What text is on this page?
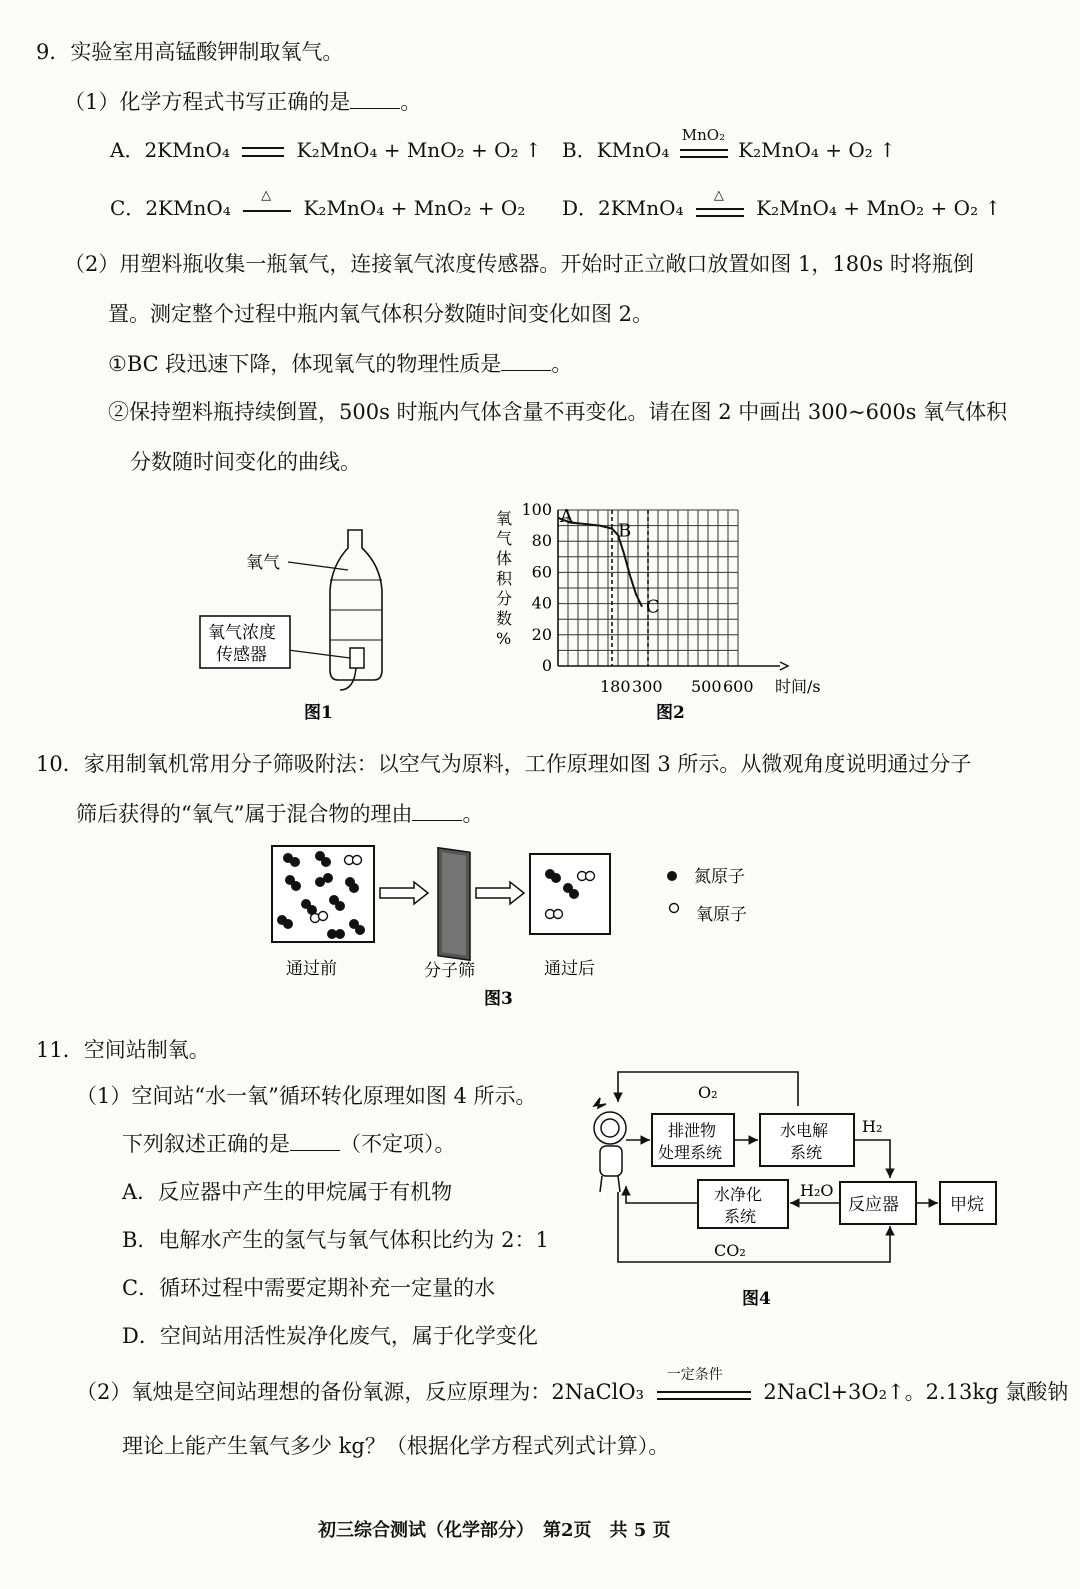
9．实验室用高锰酸钾制取氧气。
（1）化学方程式书写正确的是 。
A．2KMnO₄	K₂MnO₄ + MnO₂ + O₂ ↑ B．KMnO₄
MnO₂
K₂MnO₄ + O₂ ↑
C．2KMnO₄
△
K₂MnO₄ + MnO₂ + O₂ D．2KMnO₄
△
K₂MnO₄ + MnO₂ + O₂ ↑
（2）用塑料瓶收集一瓶氧气，连接氧气浓度传感器。开始时正立敞口放置如图 1，180s 时将瓶倒
置。测定整个过程中瓶内氧气体积分数随时间变化如图 2。
①BC 段迅速下降，体现氧气的物理性质是 。
②保持塑料瓶持续倒置，500s 时瓶内气体含量不再变化。请在图 2 中画出 300~600s 氧气体积
分数随时间变化的曲线。
氧气
氧气浓度
传感器
图1
0
20
40
60
80
100
氧
气
体
积
分
数
%
A
B
C
时间/s
180 300 500 600
图2
10．家用制氧机常用分子筛吸附法：以空气为原料，工作原理如图 3 所示。从微观角度说明通过分子
筛后获得的“氧气”属于混合物的理由 。
氮原子
氧原子
通过前	分子筛	通过后
图3
11．空间站制氧。
（1）空间站“水一氧”循环转化原理如图 4 所示。
下列叙述正确的是 （不定项）。
A．反应器中产生的甲烷属于有机物
B．电解水产生的氢气与氧气体积比约为 2：1
C．循环过程中需要定期补充一定量的水
D．空间站用活性炭净化废气，属于化学变化
O₂
排泄物
处理系统
水电解
系统
H₂
反应器	甲烷
水净化
系统
H₂O
CO₂
图4
（2）氧烛是空间站理想的备份氧源，反应原理为：2NaClO₃
一定条件
2NaCl+3O₂↑。2.13kg 氯酸钠
理论上能产生氧气多少 kg？（根据化学方程式列式计算）。
初三综合测试（化学部分）　第2页　共 5 页
